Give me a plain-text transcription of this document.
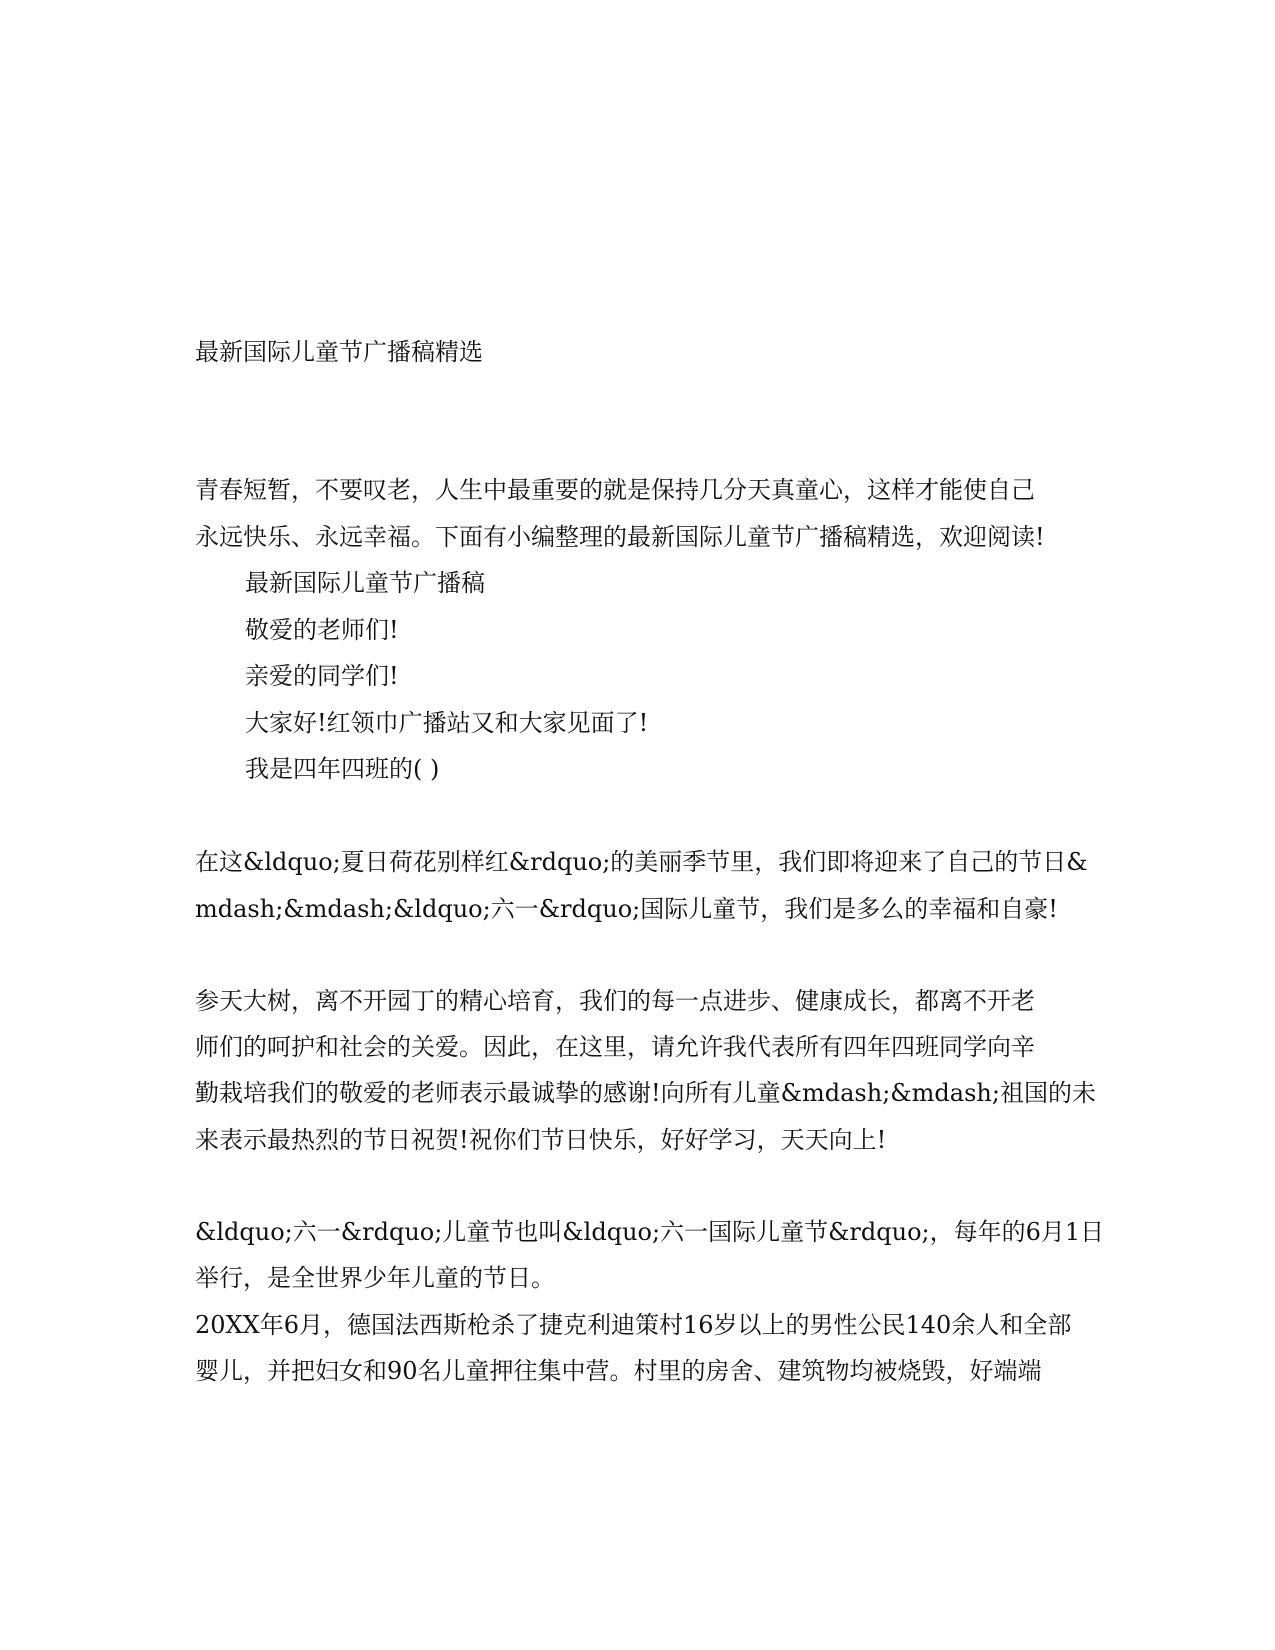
最新国际儿童节广播稿精选

青春短暂，不要叹老，人生中最重要的就是保持几分天真童心，这样才能使自己

永远快乐、永远幸福。下面有小编整理的最新国际儿童节广播稿精选，欢迎阅读!

最新国际儿童节广播稿

敬爱的老师们!

亲爱的同学们!

大家好!红领巾广播站又和大家见面了!

我是四年四班的( )

在这&ldquo;夏日荷花别样红&rdquo;的美丽季节里，我们即将迎来了自己的节日&

mdash;&mdash;&ldquo;六一&rdquo;国际儿童节，我们是多么的幸福和自豪!

参天大树，离不开园丁的精心培育，我们的每一点进步、健康成长，都离不开老

师们的呵护和社会的关爱。因此，在这里，请允许我代表所有四年四班同学向辛

勤栽培我们的敬爱的老师表示最诚挚的感谢!向所有儿童&mdash;&mdash;祖国的未

来表示最热烈的节日祝贺!祝你们节日快乐，好好学习，天天向上!

&ldquo;六一&rdquo;儿童节也叫&ldquo;六一国际儿童节&rdquo;，每年的6月1日

举行，是全世界少年儿童的节日。

20XX年6月，德国法西斯枪杀了捷克利迪策村16岁以上的男性公民140余人和全部

婴儿，并把妇女和90名儿童押往集中营。村里的房舍、建筑物均被烧毁，好端端
